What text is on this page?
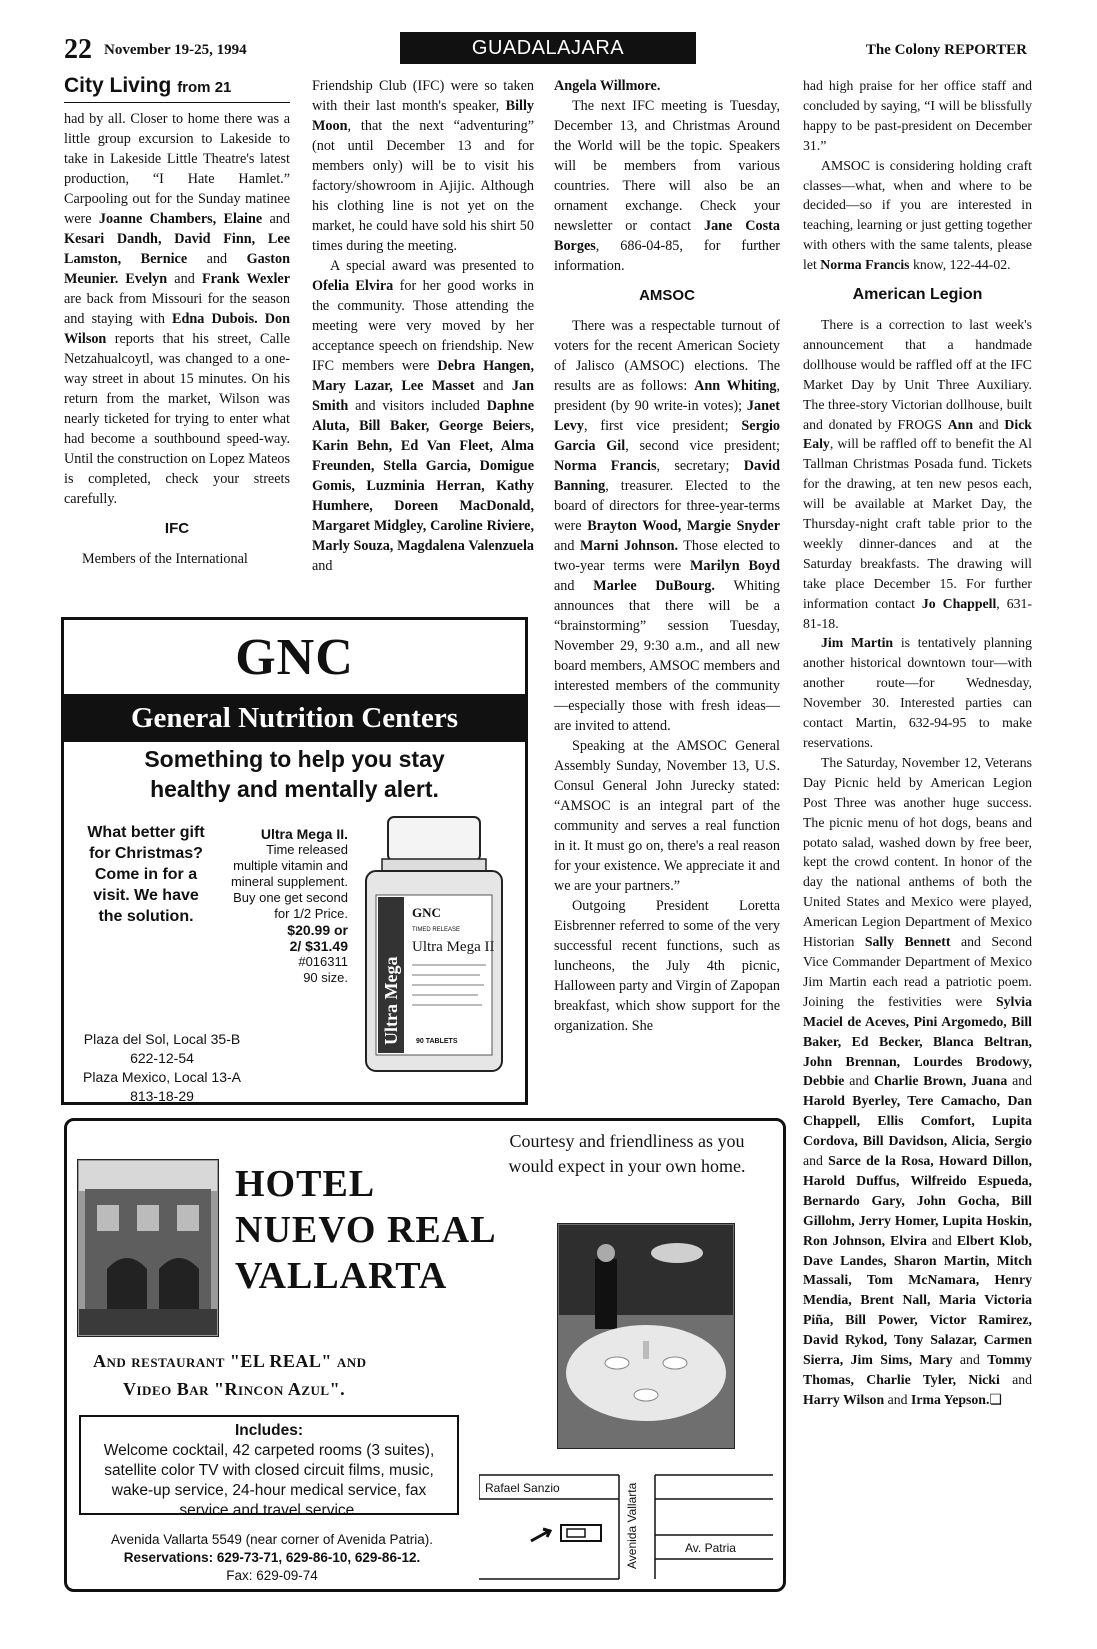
22 November 19-25, 1994	GUADALAJARA	The Colony REPORTER
City Living from 21

had by all. Closer to home there was a little group excursion to Lakeside to take in Lakeside Little Theatre's latest production, “I Hate Hamlet.” Carpooling out for the Sunday matinee were Joanne Chambers, Elaine and Kesari Dandh, David Finn, Lee Lamston, Bernice and Gaston Meunier. Evelyn and Frank Wexler are back from Missouri for the season and staying with Edna Dubois. Don Wilson reports that his street, Calle Netzahualcoytl, was changed to a one-way street in about 15 minutes. On his return from the market, Wilson was nearly ticketed for trying to enter what had become a southbound speed-way. Until the construction on Lopez Mateos is completed, check your streets carefully.

IFC

Members of the International

Friendship Club (IFC) were so taken with their last month's speaker, Billy Moon, that the next “adventuring” (not until December 13 and for members only) will be to visit his factory/showroom in Ajijic. Although his clothing line is not yet on the market, he could have sold his shirt 50 times during the meeting.

A special award was presented to Ofelia Elvira for her good works in the community. Those attending the meeting were very moved by her acceptance speech on friendship. New IFC members were Debra Hangen, Mary Lazar, Lee Masset and Jan Smith and visitors included Daphne Aluta, Bill Baker, George Beiers, Karin Behn, Ed Van Fleet, Alma Freunden, Stella Garcia, Domigue Gomis, Luzminia Herran, Kathy Humhere, Doreen MacDonald, Margaret Midgley, Caroline Riviere, Marly Souza, Magdalena Valenzuela and

Angela Willmore.

The next IFC meeting is Tuesday, December 13, and Christmas Around the World will be the topic. Speakers will be members from various countries. There will also be an ornament exchange. Check your newsletter or contact Jane Costa Borges, 686-04-85, for further information.

AMSOC

There was a respectable turnout of voters for the recent American Society of Jalisco (AMSOC) elections. The results are as follows: Ann Whiting, president (by 90 write-in votes); Janet Levy, first vice president; Sergio Garcia Gil, second vice president; Norma Francis, secretary; David Banning, treasurer. Elected to the board of directors for three-year-terms were Brayton Wood, Margie Snyder and Marni Johnson. Those elected to two-year terms were Marilyn Boyd and Marlee DuBourg. Whiting announces that there will be a “brainstorming” session Tuesday, November 29, 9:30 a.m., and all new board members, AMSOC members and interested members of the community—especially those with fresh ideas—are invited to attend.

Speaking at the AMSOC General Assembly Sunday, November 13, U.S. Consul General John Jurecky stated: “AMSOC is an integral part of the community and serves a real function in it. It must go on, there's a real reason for your existence. We appreciate it and we are your partners.”

Outgoing President Loretta Eisbrenner referred to some of the very successful recent functions, such as luncheons, the July 4th picnic, Halloween party and Virgin of Zapopan breakfast, which show support for the organization. She

had high praise for her office staff and concluded by saying, “I will be blissfully happy to be past-president on December 31.”

AMSOC is considering holding craft classes—what, when and where to be decided—so if you are interested in teaching, learning or just getting together with others with the same talents, please let Norma Francis know, 122-44-02.

American Legion

There is a correction to last week's announcement that a handmade dollhouse would be raffled off at the IFC Market Day by Unit Three Auxiliary. The three-story Victorian dollhouse, built and donated by FROGS Ann and Dick Ealy, will be raffled off to benefit the Al Tallman Christmas Posada fund. Tickets for the drawing, at ten new pesos each, will be available at Market Day, the Thursday-night craft table prior to the weekly dinner-dances and at the Saturday breakfasts. The drawing will take place December 15. For further information contact Jo Chappell, 631-81-18.

Jim Martin is tentatively planning another historical downtown tour—with another route—for Wednesday, November 30. Interested parties can contact Martin, 632-94-95 to make reservations.

The Saturday, November 12, Veterans Day Picnic held by American Legion Post Three was another huge success. The picnic menu of hot dogs, beans and potato salad, washed down by free beer, kept the crowd content. In honor of the day the national anthems of both the United States and Mexico were played, American Legion Department of Mexico Historian Sally Bennett and Second Vice Commander Department of Mexico Jim Martin each read a patriotic poem. Joining the festivities were Sylvia Maciel de Aceves, Pini Argomedo, Bill Baker, Ed Becker, Blanca Beltran, John Brennan, Lourdes Brodowy, Debbie and Charlie Brown, Juana and Harold Byerley, Tere Camacho, Dan Chappell, Ellis Comfort, Lupita Cordova, Bill Davidson, Alicia, Sergio and Sarce de la Rosa, Howard Dillon, Harold Duffus, Wilfreido Espueda, Bernardo Gary, John Gocha, Bill Gillohm, Jerry Homer, Lupita Hoskin, Ron Johnson, Elvira and Elbert Klob, Dave Landes, Sharon Martin, Mitch Massali, Tom McNamara, Henry Mendia, Brent Nall, Maria Victoria Piña, Bill Power, Victor Ramirez, David Rykod, Tony Salazar, Carmen Sierra, Jim Sims, Mary and Tommy Thomas, Charlie Tyler, Nicki and Harry Wilson and Irma Yepson.❏

GNC
General Nutrition Centers
Something to help you stay
healthy and mentally alert.
What better gift for Christmas? Come in for a visit. We have the solution.
Ultra Mega II.
Time released multiple vitamin and mineral supplement. Buy one get second for 1/2 Price.
$20.99 or
2/ $31.49
#016311
90 size. Ultra Mega
GNC
TIMED RELEASE
Ultra Mega II
90 TABLETS
Plaza del Sol, Local 35-B
622-12-54
Plaza Mexico, Local 13-A
813-18-29
HOTEL
NUEVO REAL
VALLARTA
And restaurant "EL REAL" and
Video Bar "Rincon Azul".
Includes:
Welcome cocktail, 42 carpeted rooms (3 suites), satellite color TV with closed circuit films, music, wake-up service, 24-hour medical service, fax service and travel service.
Avenida Vallarta 5549 (near corner of Avenida Patria).
Reservations: 629-73-71, 629-86-10, 629-86-12.
Fax: 629-09-74
Courtesy and friendliness as you would expect in your own home.
Rafael Sanzio	Avenida Vallarta	Av. Patria
